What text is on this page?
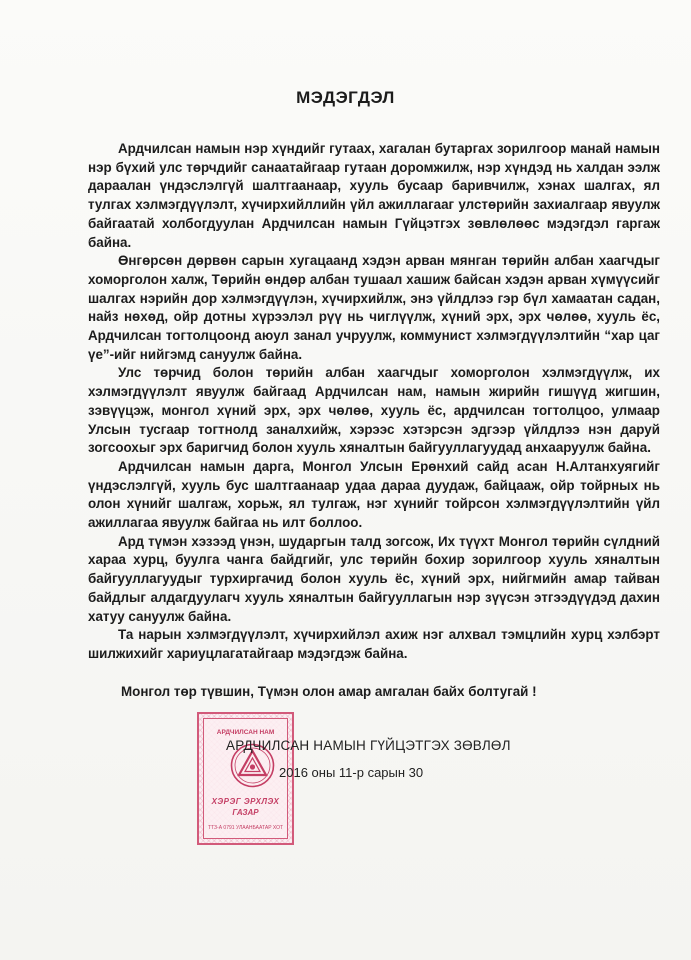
МЭДЭГДЭЛ

Ардчилсан намын нэр хүндийг гутаах, хагалан бутаргах зорилгоор манай намын нэр бүхий улс төрчдийг санаатайгаар гутаан доромжилж, нэр хүндэд нь халдан ээлж дараалан үндэслэлгүй шалтгаанаар, хууль бусаар баривчилж, хэнах шалгах, ял тулгах хэлмэгдүүлэлт, хүчирхийллийн үйл ажиллагааг улстөрийн захиалгаар явуулж байгаатай холбогдуулан Ардчилсан намын Гүйцэтгэх зөвлөлөөс мэдэгдэл гаргаж байна.

Өнгөрсөн дөрвөн сарын хугацаанд хэдэн арван мянган төрийн албан хаагчдыг хоморголон халж, Төрийн өндөр албан тушаал хашиж байсан хэдэн арван хүмүүсийг шалгах нэрийн дор хэлмэгдүүлэн, хүчирхийлж, энэ үйлдлээ гэр бүл хамаатан садан, найз нөхөд, ойр дотны хүрээлэл рүү нь чиглүүлж, хүний эрх, эрх чөлөө, хууль ёс, Ардчилсан тогтолцоонд аюул занал учруулж, коммунист хэлмэгдүүлэлтийн “хар цаг үе”-ийг нийгэмд сануулж байна.

Улс төрчид болон төрийн албан хаагчдыг хоморголон хэлмэгдүүлж, их хэлмэгдүүлэлт явуулж байгаад Ардчилсан нам, намын жирийн гишүүд жигшин, зэвүүцэж, монгол хүний эрх, эрх чөлөө, хууль ёс, ардчилсан тогтолцоо, улмаар Улсын тусгаар тогтнолд заналхийж, хэрээс хэтэрсэн эдгээр үйлдлээ нэн даруй зогсоохыг эрх баригчид болон хууль хяналтын байгууллагуудад анхааруулж байна.

Ардчилсан намын дарга, Монгол Улсын Ерөнхий сайд асан Н.Алтанхуягийг үндэслэлгүй, хууль бус шалтгаанаар удаа дараа дуудаж, байцааж, ойр тойрных нь олон хүнийг шалгаж, хорьж, ял тулгаж, нэг хүнийг тойрсон хэлмэгдүүлэлтийн үйл ажиллагаа явуулж байгаа нь илт боллоо.

Ард түмэн хэзээд үнэн, шударгын талд зогсож, Их түүхт Монгол төрийн сүлдний хараа хурц, буулга чанга байдгийг, улс төрийн бохир зорилгоор хууль хяналтын байгууллагуудыг турхиргачид болон хууль ёс, хүний эрх, нийгмийн амар тайван байдлыг алдагдуулагч хууль хяналтын байгууллагын нэр зүүсэн этгээдүүдэд дахин хатуу сануулж байна.

Та нарын хэлмэгдүүлэлт, хүчирхийлэл ахиж нэг алхвал тэмцлийн хурц хэлбэрт шилжихийг хариуцлагатайгаар мэдэгдэж байна.

Монгол төр түвшин, Түмэн олон амар амгалан байх болтугай !
АРДЧИЛСАН НАМ
ХЭРЭГ ЭРХЛЭХ
ГАЗАР
ТТЗ-А 0791 УЛААНБААТАР ХОТ
АРДЧИЛСАН НАМЫН ГҮЙЦЭТГЭХ ЗӨВЛӨЛ
2016 оны 11-р сарын 30
